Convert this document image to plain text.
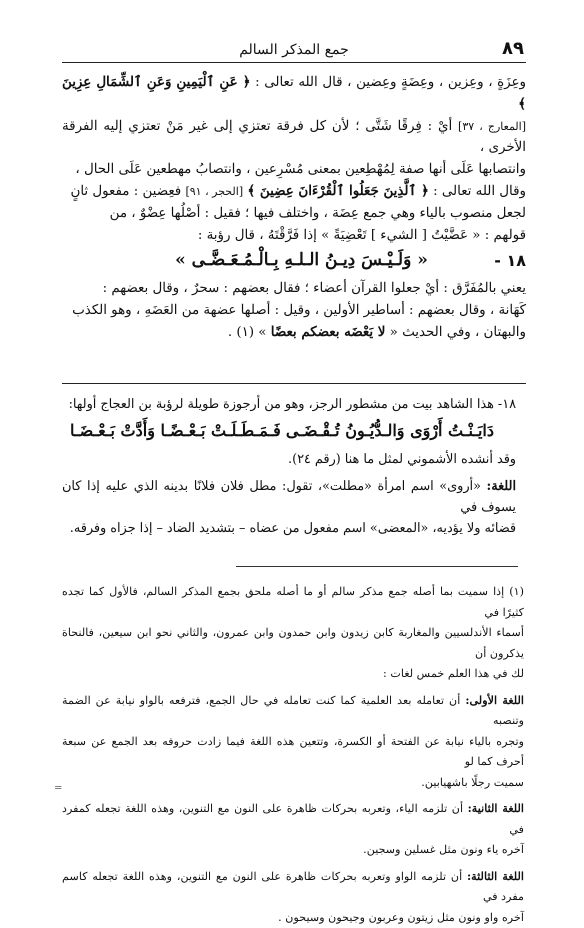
٨٩
جمع المذكر السالم

وعِزَةٍ ، وعِزين ، وعِضَةٍ وعِضين ، قال الله تعالى : ﴿ عَنِ ٱلْيَمِينِ وَعَنِ ٱلشِّمَالِ عِزِينَ ﴾

[المعارج ، ٣٧] أيْ : فِرقًا شَتَّى ؛ لأن كل فرقة تعتزي إلى غير مَنْ تعتزي إليه الفرقة الأخرى ،

وانتصابها عَلَى أنها صفة لِمُهْطِعين بمعنى مُسْرِعين ، وانتصابُ مهطعين عَلَى الحال ،

وقال الله تعالى : ﴿ ٱلَّذِينَ جَعَلُوا ٱلْقُرْءَانَ عِضِينَ ﴾ [الحجر ، ٩١] فعِضين : مفعول ثانٍ

لجعل منصوب بالياء وهي جمع عِضَة ، واختلف فيها ؛ فقيل : أصْلُها عِضْوٌ ، من

قولهم : « عَضَّيْتُ [ الشيء ] تَعْضِيَةً » إذا فَرَّقْتَهُ ، قال رؤبة :

١٨ -
« وَلَـيْـسَ دِيـنُ الـلـهِ بِـالْـمُـعَـضَّـى »

يعني بالمُفَرَّق : أيْ جعلوا القرآن أعضاء ؛ فقال بعضهم : سحرٌ ، وقال بعضهم :

كَهَانة ، وقال بعضهم : أساطير الأولين ، وقيل : أصلها عضهة من العَضَهِ ، وهو الكذب

والبهتان ، وفي الحديث « لا يَعْضَه بعضكم بعضًا » (١) .

١٨- هذا الشاهد بيت من مشطور الرجز، وهو من أرجوزة طويلة لرؤبة بن العجاج أولها:

دَايَـنْـتُ أَرْوَى وَالـدُّيُـونُ تُـقْـضَـى
فَـمَـطَـلَـتْ بَـعْـضًـا وَأَدَّتْ بَـعْـضَـا

وقد أنشده الأشموني لمثل ما هنا (رقم ٢٤).

اللغة: «أروى» اسم امرأة «مطلت»، تقول: مطل فلان فلانًا بدينه الذي عليه إذا كان يسوف في

قضائه ولا يؤديه، «المعضى» اسم مفعول من عضاه – بتشديد الضاد – إذا جزاه وفرقه.

(١) إذا سميت بما أصله جمع مذكر سالم أو ما أصله ملحق بجمع المذكر السالم، فالأول كما تجده كثيرًا في

أسماء الأندلسيين والمغاربة كابن زيدون وابن حمدون وابن عمرون، والثاني نحو ابن سيعين، فالنحاة يذكرون أن

لك في هذا العلم خمس لغات :

اللغة الأولى: أن تعامله بعد العلمية كما كنت تعامله في حال الجمع، فترفعه بالواو نيابة عن الضمة وتنصبه

وتجره بالياء نيابة عن الفتحة أو الكسرة، وتتعين هذه اللغة فيما زادت حروفه بعد الجمع عن سبعة أحرف كما لو

سميت رجلًا باشهيابين.

اللغة الثانية: أن تلزمه الياء، وتعربه بحركات ظاهرة على النون مع التنوين، وهذه اللغة تجعله كمفرد في

آخره ياء ونون مثل غسلين وسجين.

اللغة الثالثة: أن تلزمه الواو وتعربه بحركات ظاهرة على النون مع التنوين، وهذه اللغة تجعله كاسم مفرد في

آخره واو ونون مثل زيتون وعربون وجيحون وسيحون .

=
